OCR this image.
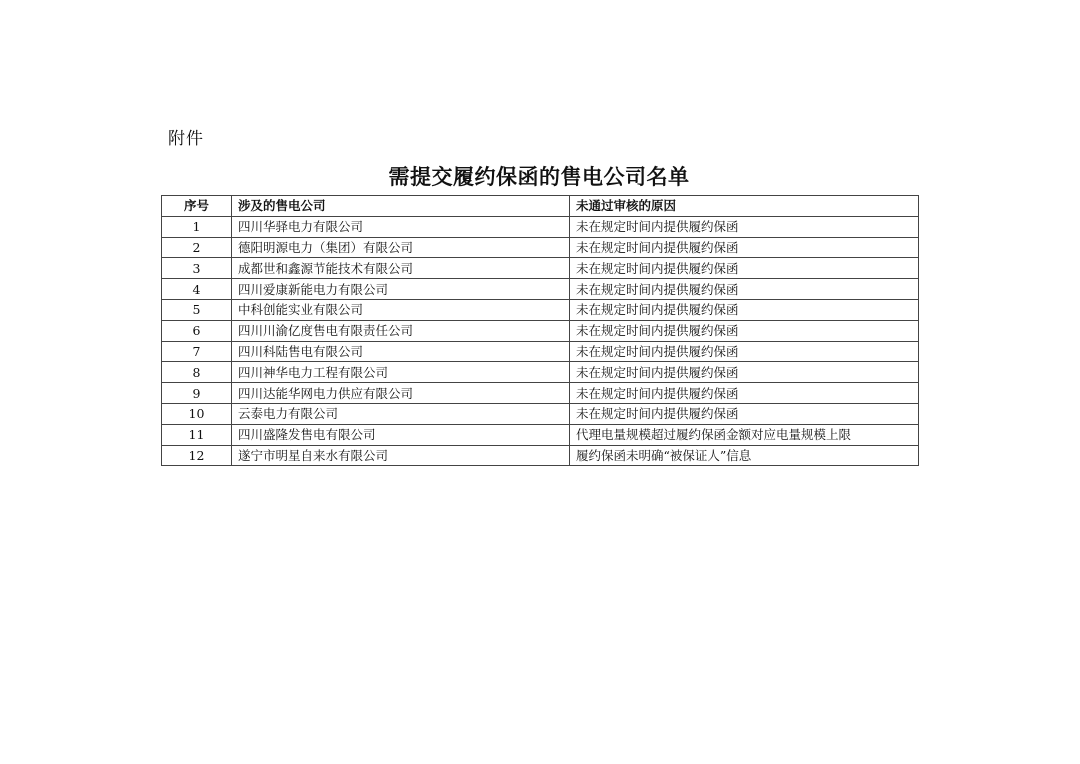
附件
需提交履约保函的售电公司名单
序号	涉及的售电公司	未通过审核的原因
1	四川华驿电力有限公司	未在规定时间内提供履约保函
2	德阳明源电力（集团）有限公司	未在规定时间内提供履约保函
3	成都世和鑫源节能技术有限公司	未在规定时间内提供履约保函
4	四川爱康新能电力有限公司	未在规定时间内提供履约保函
5	中科创能实业有限公司	未在规定时间内提供履约保函
6	四川川渝亿度售电有限责任公司	未在规定时间内提供履约保函
7	四川科陆售电有限公司	未在规定时间内提供履约保函
8	四川神华电力工程有限公司	未在规定时间内提供履约保函
9	四川达能华网电力供应有限公司	未在规定时间内提供履约保函
10	云泰电力有限公司	未在规定时间内提供履约保函
11	四川盛隆发售电有限公司	代理电量规模超过履约保函金额对应电量规模上限
12	遂宁市明星自来水有限公司	履约保函未明确“被保证人”信息
